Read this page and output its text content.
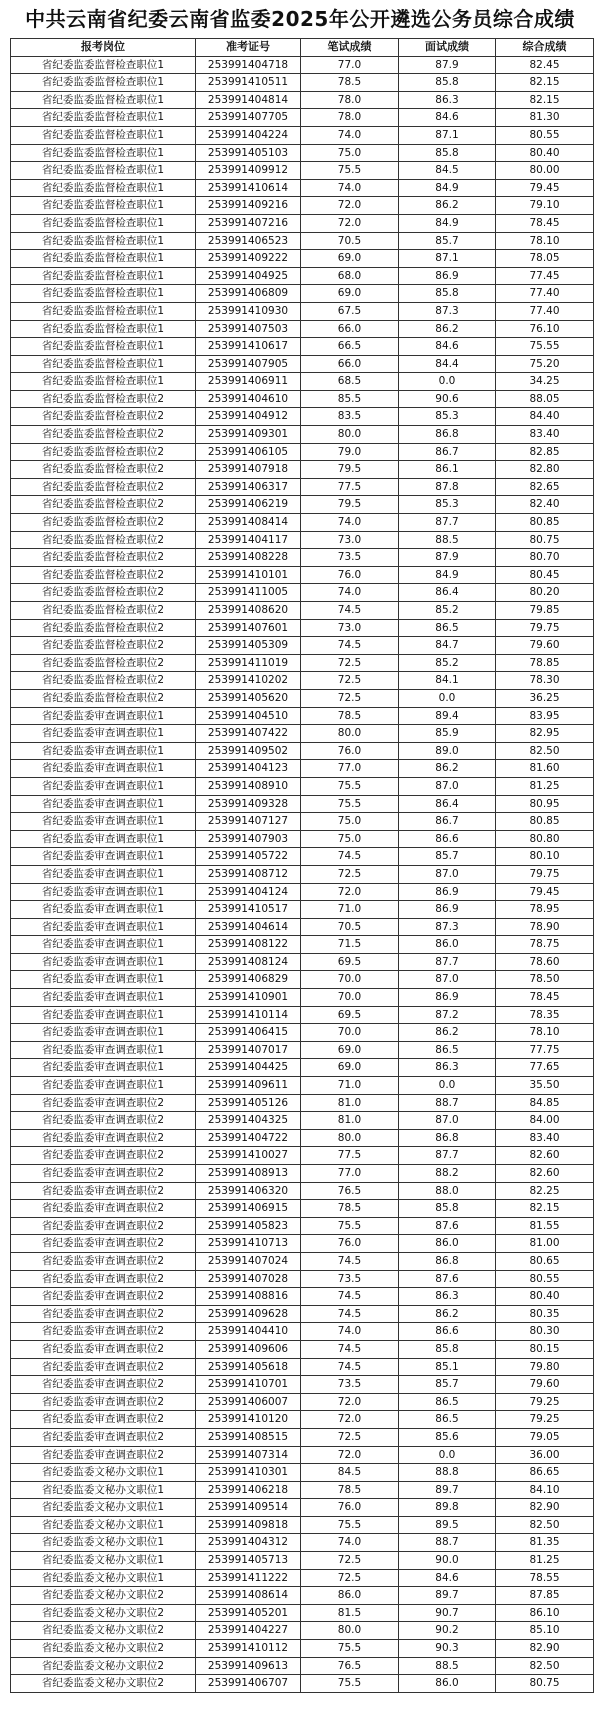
中共云南省纪委云南省监委2025年公开遴选公务员综合成绩
报考岗位	准考证号	笔试成绩	面试成绩	综合成绩
省纪委监委监督检查职位1	253991404718	77.0	87.9	82.45
省纪委监委监督检查职位1	253991410511	78.5	85.8	82.15
省纪委监委监督检查职位1	253991404814	78.0	86.3	82.15
省纪委监委监督检查职位1	253991407705	78.0	84.6	81.30
省纪委监委监督检查职位1	253991404224	74.0	87.1	80.55
省纪委监委监督检查职位1	253991405103	75.0	85.8	80.40
省纪委监委监督检查职位1	253991409912	75.5	84.5	80.00
省纪委监委监督检查职位1	253991410614	74.0	84.9	79.45
省纪委监委监督检查职位1	253991409216	72.0	86.2	79.10
省纪委监委监督检查职位1	253991407216	72.0	84.9	78.45
省纪委监委监督检查职位1	253991406523	70.5	85.7	78.10
省纪委监委监督检查职位1	253991409222	69.0	87.1	78.05
省纪委监委监督检查职位1	253991404925	68.0	86.9	77.45
省纪委监委监督检查职位1	253991406809	69.0	85.8	77.40
省纪委监委监督检查职位1	253991410930	67.5	87.3	77.40
省纪委监委监督检查职位1	253991407503	66.0	86.2	76.10
省纪委监委监督检查职位1	253991410617	66.5	84.6	75.55
省纪委监委监督检查职位1	253991407905	66.0	84.4	75.20
省纪委监委监督检查职位1	253991406911	68.5	0.0	34.25
省纪委监委监督检查职位2	253991404610	85.5	90.6	88.05
省纪委监委监督检查职位2	253991404912	83.5	85.3	84.40
省纪委监委监督检查职位2	253991409301	80.0	86.8	83.40
省纪委监委监督检查职位2	253991406105	79.0	86.7	82.85
省纪委监委监督检查职位2	253991407918	79.5	86.1	82.80
省纪委监委监督检查职位2	253991406317	77.5	87.8	82.65
省纪委监委监督检查职位2	253991406219	79.5	85.3	82.40
省纪委监委监督检查职位2	253991408414	74.0	87.7	80.85
省纪委监委监督检查职位2	253991404117	73.0	88.5	80.75
省纪委监委监督检查职位2	253991408228	73.5	87.9	80.70
省纪委监委监督检查职位2	253991410101	76.0	84.9	80.45
省纪委监委监督检查职位2	253991411005	74.0	86.4	80.20
省纪委监委监督检查职位2	253991408620	74.5	85.2	79.85
省纪委监委监督检查职位2	253991407601	73.0	86.5	79.75
省纪委监委监督检查职位2	253991405309	74.5	84.7	79.60
省纪委监委监督检查职位2	253991411019	72.5	85.2	78.85
省纪委监委监督检查职位2	253991410202	72.5	84.1	78.30
省纪委监委监督检查职位2	253991405620	72.5	0.0	36.25
省纪委监委审查调查职位1	253991404510	78.5	89.4	83.95
省纪委监委审查调查职位1	253991407422	80.0	85.9	82.95
省纪委监委审查调查职位1	253991409502	76.0	89.0	82.50
省纪委监委审查调查职位1	253991404123	77.0	86.2	81.60
省纪委监委审查调查职位1	253991408910	75.5	87.0	81.25
省纪委监委审查调查职位1	253991409328	75.5	86.4	80.95
省纪委监委审查调查职位1	253991407127	75.0	86.7	80.85
省纪委监委审查调查职位1	253991407903	75.0	86.6	80.80
省纪委监委审查调查职位1	253991405722	74.5	85.7	80.10
省纪委监委审查调查职位1	253991408712	72.5	87.0	79.75
省纪委监委审查调查职位1	253991404124	72.0	86.9	79.45
省纪委监委审查调查职位1	253991410517	71.0	86.9	78.95
省纪委监委审查调查职位1	253991404614	70.5	87.3	78.90
省纪委监委审查调查职位1	253991408122	71.5	86.0	78.75
省纪委监委审查调查职位1	253991408124	69.5	87.7	78.60
省纪委监委审查调查职位1	253991406829	70.0	87.0	78.50
省纪委监委审查调查职位1	253991410901	70.0	86.9	78.45
省纪委监委审查调查职位1	253991410114	69.5	87.2	78.35
省纪委监委审查调查职位1	253991406415	70.0	86.2	78.10
省纪委监委审查调查职位1	253991407017	69.0	86.5	77.75
省纪委监委审查调查职位1	253991404425	69.0	86.3	77.65
省纪委监委审查调查职位1	253991409611	71.0	0.0	35.50
省纪委监委审查调查职位2	253991405126	81.0	88.7	84.85
省纪委监委审查调查职位2	253991404325	81.0	87.0	84.00
省纪委监委审查调查职位2	253991404722	80.0	86.8	83.40
省纪委监委审查调查职位2	253991410027	77.5	87.7	82.60
省纪委监委审查调查职位2	253991408913	77.0	88.2	82.60
省纪委监委审查调查职位2	253991406320	76.5	88.0	82.25
省纪委监委审查调查职位2	253991406915	78.5	85.8	82.15
省纪委监委审查调查职位2	253991405823	75.5	87.6	81.55
省纪委监委审查调查职位2	253991410713	76.0	86.0	81.00
省纪委监委审查调查职位2	253991407024	74.5	86.8	80.65
省纪委监委审查调查职位2	253991407028	73.5	87.6	80.55
省纪委监委审查调查职位2	253991408816	74.5	86.3	80.40
省纪委监委审查调查职位2	253991409628	74.5	86.2	80.35
省纪委监委审查调查职位2	253991404410	74.0	86.6	80.30
省纪委监委审查调查职位2	253991409606	74.5	85.8	80.15
省纪委监委审查调查职位2	253991405618	74.5	85.1	79.80
省纪委监委审查调查职位2	253991410701	73.5	85.7	79.60
省纪委监委审查调查职位2	253991406007	72.0	86.5	79.25
省纪委监委审查调查职位2	253991410120	72.0	86.5	79.25
省纪委监委审查调查职位2	253991408515	72.5	85.6	79.05
省纪委监委审查调查职位2	253991407314	72.0	0.0	36.00
省纪委监委文秘办文职位1	253991410301	84.5	88.8	86.65
省纪委监委文秘办文职位1	253991406218	78.5	89.7	84.10
省纪委监委文秘办文职位1	253991409514	76.0	89.8	82.90
省纪委监委文秘办文职位1	253991409818	75.5	89.5	82.50
省纪委监委文秘办文职位1	253991404312	74.0	88.7	81.35
省纪委监委文秘办文职位1	253991405713	72.5	90.0	81.25
省纪委监委文秘办文职位1	253991411222	72.5	84.6	78.55
省纪委监委文秘办文职位2	253991408614	86.0	89.7	87.85
省纪委监委文秘办文职位2	253991405201	81.5	90.7	86.10
省纪委监委文秘办文职位2	253991404227	80.0	90.2	85.10
省纪委监委文秘办文职位2	253991410112	75.5	90.3	82.90
省纪委监委文秘办文职位2	253991409613	76.5	88.5	82.50
省纪委监委文秘办文职位2	253991406707	75.5	86.0	80.75
